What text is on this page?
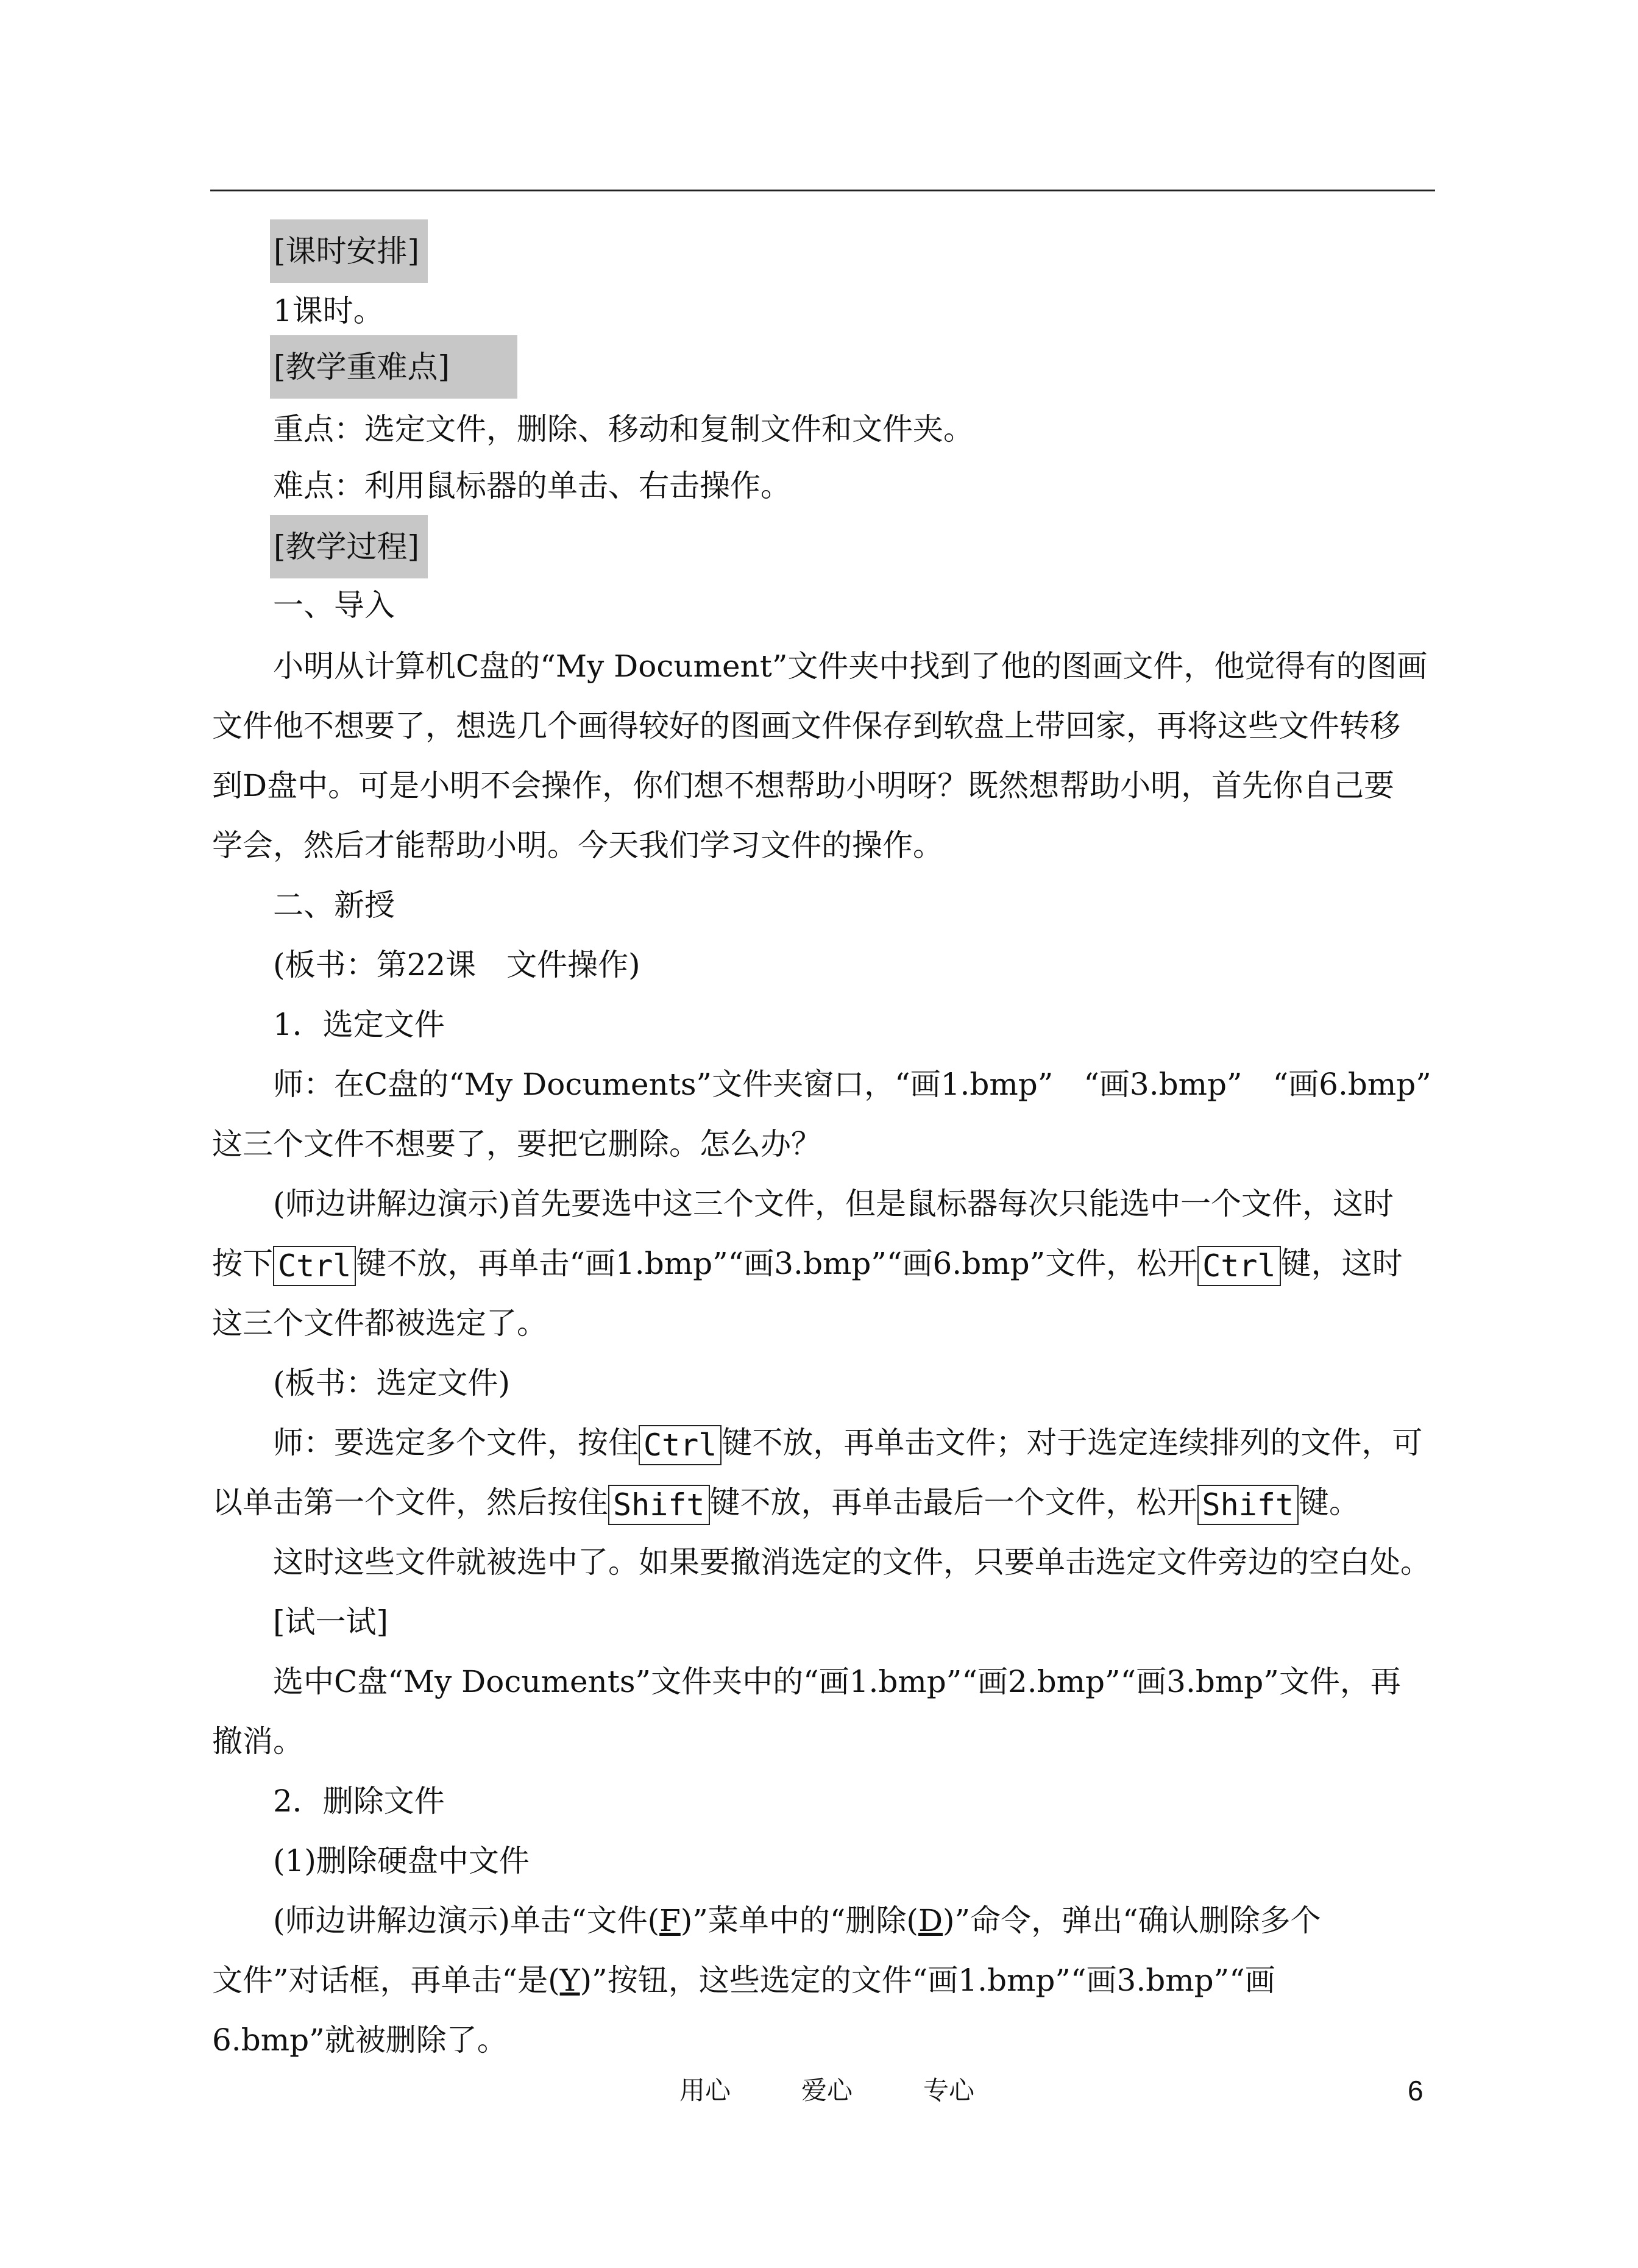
[课时安排]
1课时。
[教学重难点]
重点：选定文件，删除、移动和复制文件和文件夹。
难点：利用鼠标器的单击、右击操作。
[教学过程]
一、导入
小明从计算机C盘的“My Document”文件夹中找到了他的图画文件，他觉得有的图画
文件他不想要了，想选几个画得较好的图画文件保存到软盘上带回家，再将这些文件转移
到D盘中。可是小明不会操作，你们想不想帮助小明呀？既然想帮助小明，首先你自己要
学会，然后才能帮助小明。今天我们学习文件的操作。
二、新授
(板书：第22课　文件操作)
1．选定文件
师：在C盘的“My Documents”文件夹窗口，“画1.bmp”　“画3.bmp”　“画6.bmp”
这三个文件不想要了，要把它删除。怎么办？
(师边讲解边演示)首先要选中这三个文件，但是鼠标器每次只能选中一个文件，这时
按下 Ctrl 键不放，再单击“画1.bmp”“画3.bmp”“画6.bmp”文件，松开 Ctrl 键，这时
这三个文件都被选定了。
(板书：选定文件)
师：要选定多个文件，按住 Ctrl 键不放，再单击文件；对于选定连续排列的文件，可
以单击第一个文件，然后按住 Shift 键不放，再单击最后一个文件，松开 Shift 键。
这时这些文件就被选中了。如果要撤消选定的文件，只要单击选定文件旁边的空白处。
[试一试]
选中C盘“My Documents”文件夹中的“画1.bmp”“画2.bmp”“画3.bmp”文件，再
撤消。
2．删除文件
(1)删除硬盘中文件
(师边讲解边演示)单击“文件(F)”菜单中的“删除(D)”命令，弹出“确认删除多个
文件”对话框，再单击“是(Y)”按钮，这些选定的文件“画1.bmp”“画3.bmp”“画
6.bmp”就被删除了。
用心	爱心	专心	6
